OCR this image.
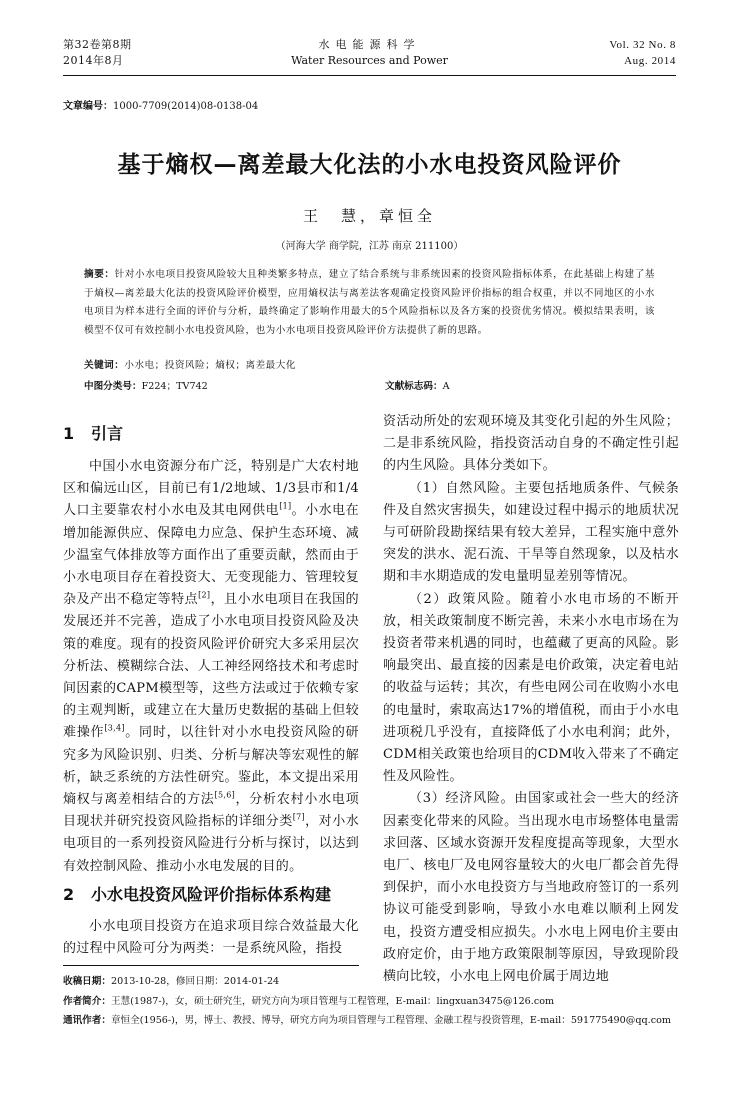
第32卷第8期
2014年8月
水电能源科学
Water Resources and Power
Vol. 32 No. 8
Aug. 2014
文章编号：1000-7709(2014)08-0138-04
基于熵权—离差最大化法的小水电投资风险评价
王　慧，章恒全
（河海大学 商学院，江苏 南京 211100）
摘要：针对小水电项目投资风险较大且种类繁多特点，建立了结合系统与非系统因素的投资风险指标体系，在此基础上构建了基于熵权—离差最大化法的投资风险评价模型，应用熵权法与离差法客观确定投资风险评价指标的组合权重，并以不同地区的小水电项目为样本进行全面的评价与分析，最终确定了影响作用最大的5个风险指标以及各方案的投资优劣情况。模拟结果表明，该模型不仅可有效控制小水电投资风险，也为小水电项目投资风险评价方法提供了新的思路。
关键词：小水电；投资风险；熵权；离差最大化
中图分类号：F224；TV742	文献标志码：A
1 引言

中国小水电资源分布广泛，特别是广大农村地区和偏远山区，目前已有1/2地域、1/3县市和1/4人口主要靠农村小水电及其电网供电[1]。小水电在增加能源供应、保障电力应急、保护生态环境、减少温室气体排放等方面作出了重要贡献，然而由于小水电项目存在着投资大、无变现能力、管理较复杂及产出不稳定等特点[2]，且小水电项目在我国的发展还并不完善，造成了小水电项目投资风险及决策的难度。现有的投资风险评价研究大多采用层次分析法、模糊综合法、人工神经网络技术和考虑时间因素的CAPM模型等，这些方法或过于依赖专家的主观判断，或建立在大量历史数据的基础上但较难操作[3,4]。同时，以往针对小水电投资风险的研究多为风险识别、归类、分析与解决等宏观性的解析，缺乏系统的方法性研究。鉴此，本文提出采用熵权与离差相结合的方法[5,6]，分析农村小水电项目现状并研究投资风险指标的详细分类[7]，对小水电项目的一系列投资风险进行分析与探讨，以达到有效控制风险、推动小水电发展的目的。

2 小水电投资风险评价指标体系构建

小水电项目投资方在追求项目综合效益最大化的过程中风险可分为两类：一是系统风险，指投

资活动所处的宏观环境及其变化引起的外生风险；二是非系统风险，指投资活动自身的不确定性引起的内生风险。具体分类如下。

（1）自然风险。主要包括地质条件、气候条件及自然灾害损失，如建设过程中揭示的地质状况与可研阶段勘探结果有较大差异，工程实施中意外突发的洪水、泥石流、干旱等自然现象，以及枯水期和丰水期造成的发电量明显差别等情况。

（2）政策风险。随着小水电市场的不断开放，相关政策制度不断完善，未来小水电市场在为投资者带来机遇的同时，也蕴藏了更高的风险。影响最突出、最直接的因素是电价政策，决定着电站的收益与运转；其次，有些电网公司在收购小水电的电量时，索取高达17%的增值税，而由于小水电进项税几乎没有，直接降低了小水电利润；此外，CDM相关政策也给项目的CDM收入带来了不确定性及风险性。

（3）经济风险。由国家或社会一些大的经济因素变化带来的风险。当出现水电市场整体电量需求回落、区域水资源开发程度提高等现象，大型水电厂、核电厂及电网容量较大的火电厂都会首先得到保护，而小水电投资方与当地政府签订的一系列协议可能受到影响，导致小水电难以顺利上网发电，投资方遭受相应损失。小水电上网电价主要由政府定价，由于地方政策限制等原因，导致现阶段横向比较，小水电上网电价属于周边地

收稿日期：2013-10-28，修回日期：2014-01-24
作者简介：王慧(1987-)，女，硕士研究生，研究方向为项目管理与工程管理，E-mail：lingxuan3475@126.com
通讯作者：章恒全(1956-)，男，博士、教授、博导，研究方向为项目管理与工程管理、金融工程与投资管理，E-mail：591775490@qq.com
